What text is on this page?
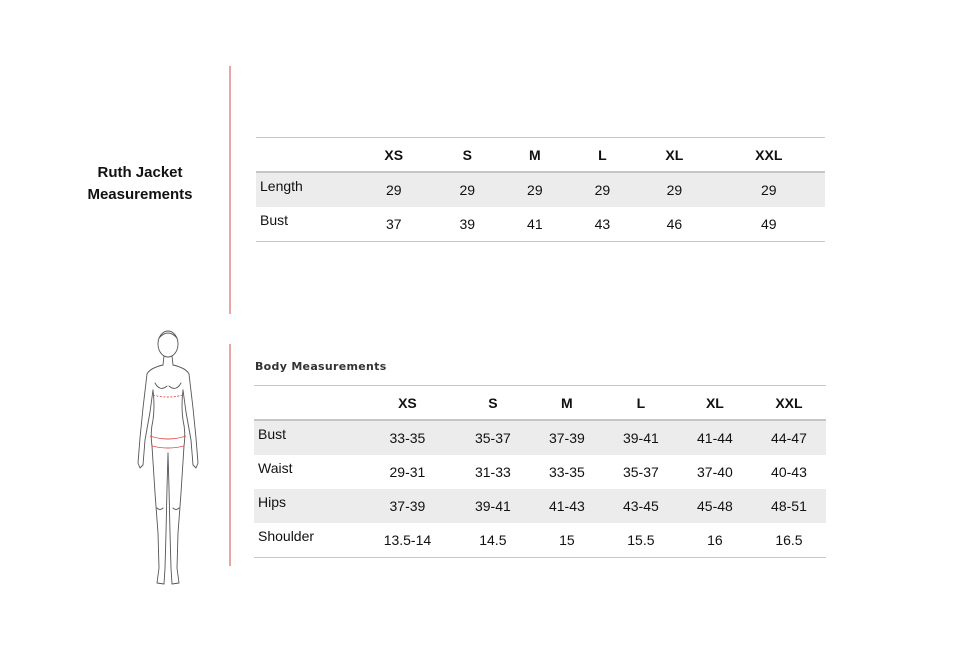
Ruth Jacket
Measurements
	XS	S	M	L	XL	XXL
Length	29	29	29	29	29	29
Bust	37	39	41	43	46	49
Body Measurements
	XS	S	M	L	XL	XXL
Bust	33-35	35-37	37-39	39-41	41-44	44-47
Waist	29-31	31-33	33-35	35-37	37-40	40-43
Hips	37-39	39-41	41-43	43-45	45-48	48-51
Shoulder	13.5-14	14.5	15	15.5	16	16.5
